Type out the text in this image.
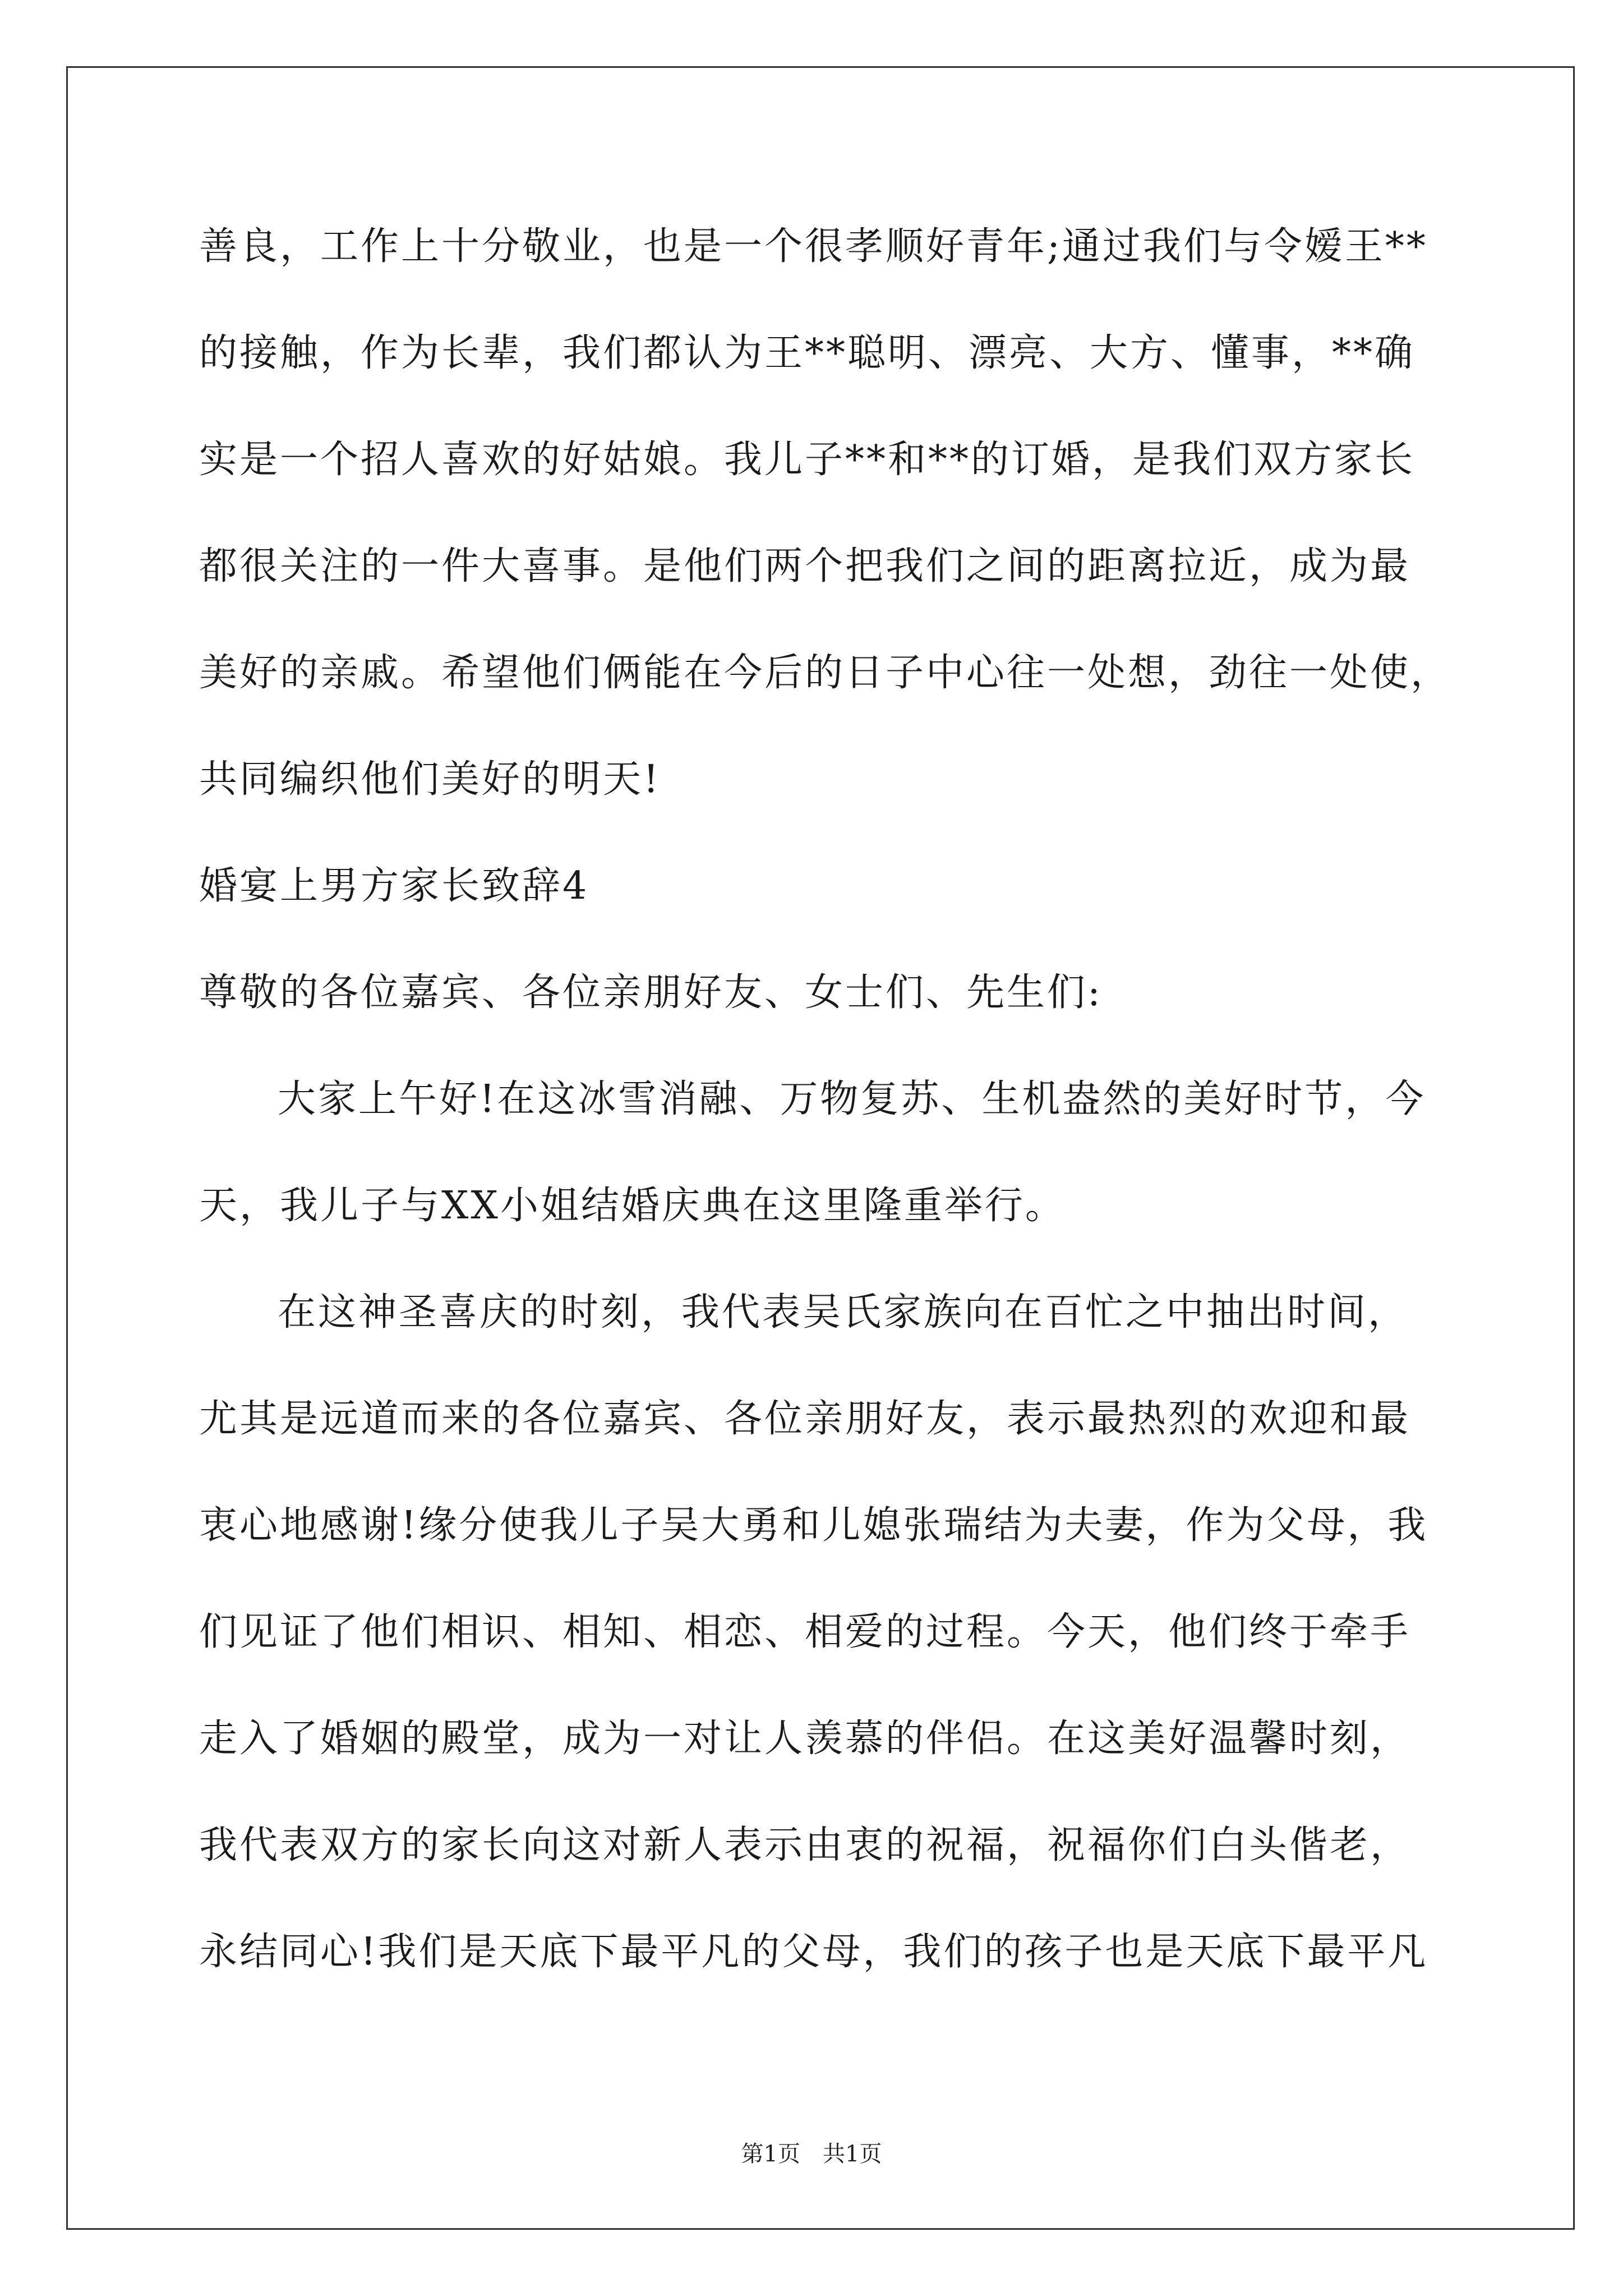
善良，工作上十分敬业，也是一个很孝顺好青年;通过我们与令嫒王**
的接触，作为长辈，我们都认为王**聪明、漂亮、大方、懂事，**确
实是一个招人喜欢的好姑娘。我儿子**和**的订婚，是我们双方家长
都很关注的一件大喜事。是他们两个把我们之间的距离拉近，成为最
美好的亲戚。希望他们俩能在今后的日子中心往一处想，劲往一处使，
共同编织他们美好的明天!
婚宴上男方家长致辞4
尊敬的各位嘉宾、各位亲朋好友、女士们、先生们:
大家上午好!在这冰雪消融、万物复苏、生机盎然的美好时节，今
天，我儿子与XX小姐结婚庆典在这里隆重举行。
在这神圣喜庆的时刻，我代表吴氏家族向在百忙之中抽出时间，
尤其是远道而来的各位嘉宾、各位亲朋好友，表示最热烈的欢迎和最
衷心地感谢!缘分使我儿子吴大勇和儿媳张瑞结为夫妻，作为父母，我
们见证了他们相识、相知、相恋、相爱的过程。今天，他们终于牵手
走入了婚姻的殿堂，成为一对让人羡慕的伴侣。在这美好温馨时刻，
我代表双方的家长向这对新人表示由衷的祝福，祝福你们白头偕老，
永结同心!我们是天底下最平凡的父母，我们的孩子也是天底下最平凡
第1页　共1页
